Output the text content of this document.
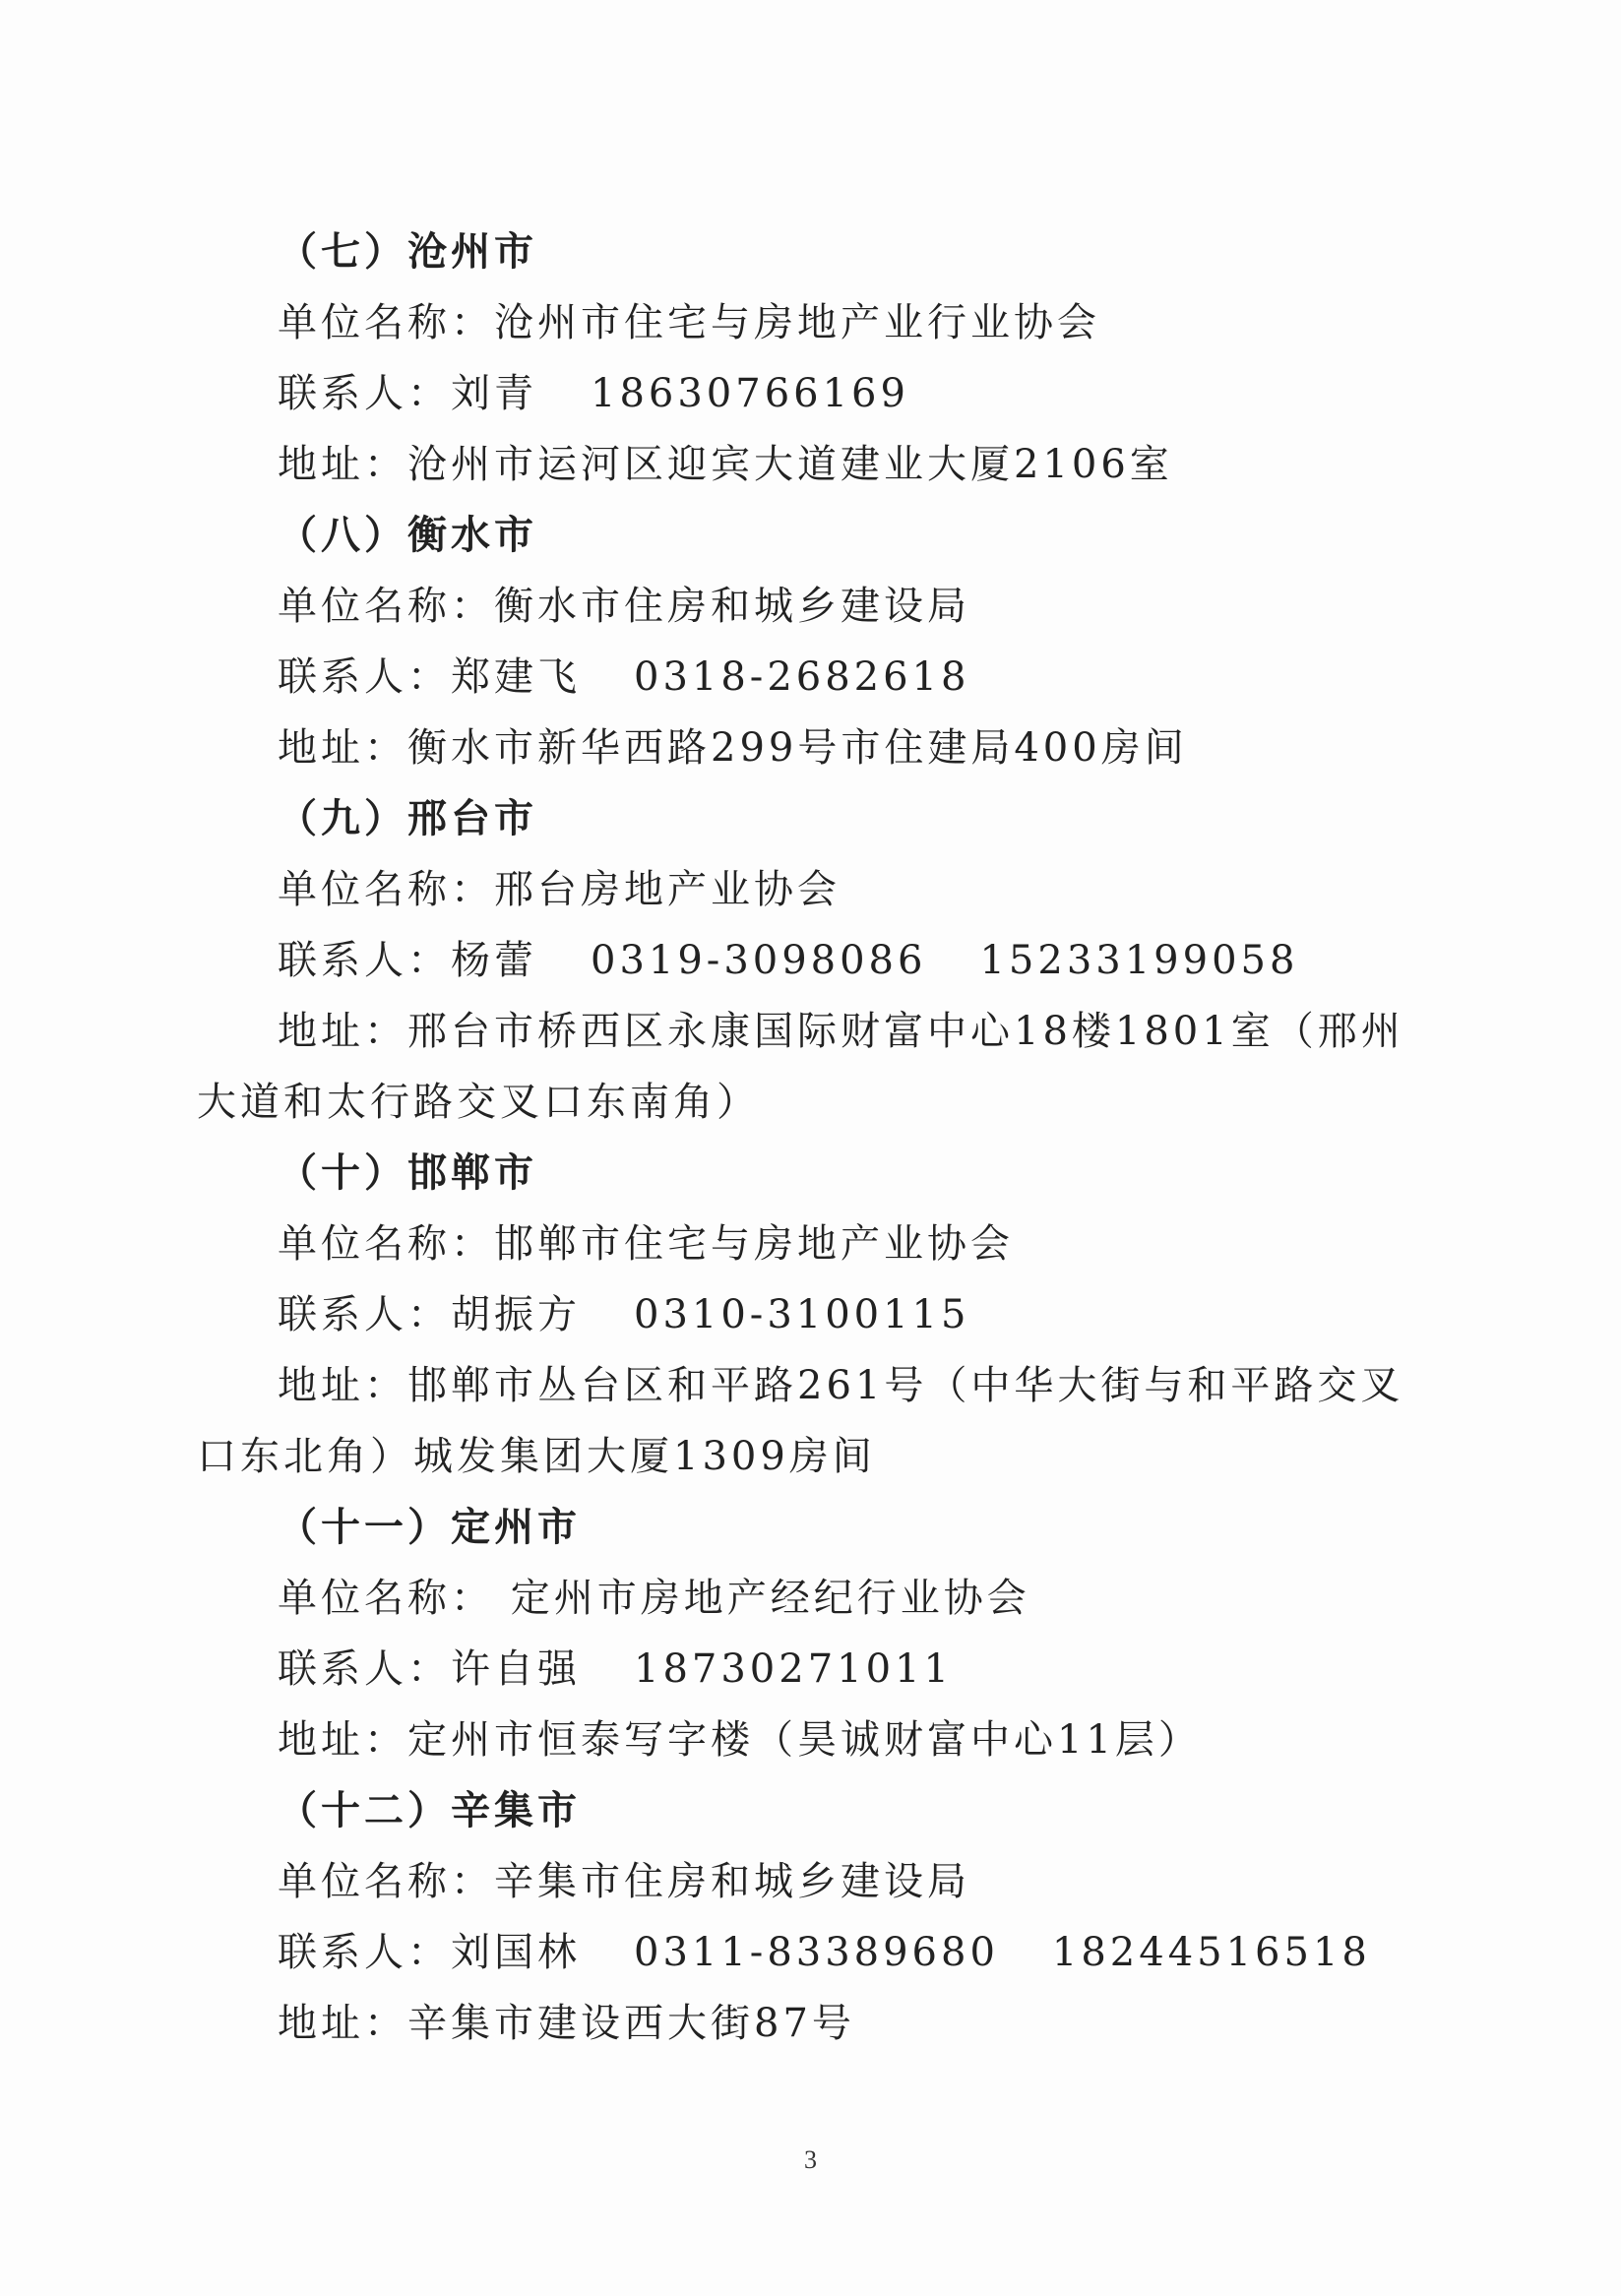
（七）沧州市
单位名称：沧州市住宅与房地产业行业协会
联系人：刘青 18630766169
地址：沧州市运河区迎宾大道建业大厦2106室
（八）衡水市
单位名称：衡水市住房和城乡建设局
联系人：郑建飞 0318-2682618
地址：衡水市新华西路299号市住建局400房间
（九）邢台市
单位名称：邢台房地产业协会
联系人：杨蕾 0319-3098086 15233199058
地址：邢台市桥西区永康国际财富中心18楼1801室（邢州大道和太行路交叉口东南角）
（十）邯郸市
单位名称：邯郸市住宅与房地产业协会
联系人：胡振方 0310-3100115
地址：邯郸市丛台区和平路261号（中华大街与和平路交叉口东北角）城发集团大厦1309房间
（十一）定州市
单位名称： 定州市房地产经纪行业协会
联系人：许自强 18730271011
地址：定州市恒泰写字楼（昊诚财富中心11层）
（十二）辛集市
单位名称：辛集市住房和城乡建设局
联系人：刘国林 0311-83389680 18244516518
地址：辛集市建设西大街87号
3
